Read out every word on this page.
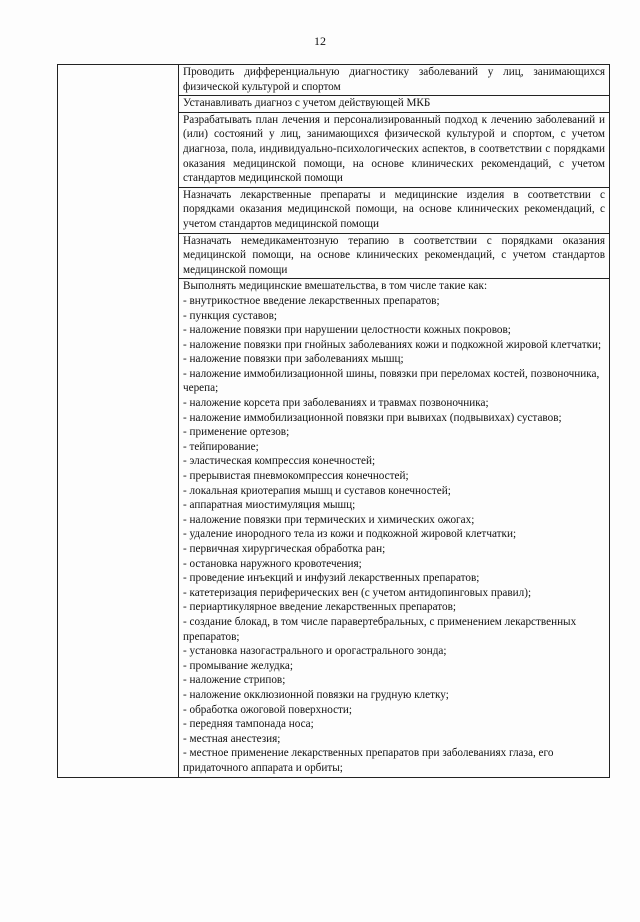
12
	Проводить дифференциальную диагностику заболеваний у лиц, занимающихся физической культурой и спортом
Устанавливать диагноз с учетом действующей МКБ
Разрабатывать план лечения и персонализированный подход к лечению заболеваний и (или) состояний у лиц, занимающихся физической культурой и спортом, с учетом диагноза, пола, индивидуально-психологических аспектов, в соответствии с порядками оказания медицинской помощи, на основе клинических рекомендаций, с учетом стандартов медицинской помощи
Назначать лекарственные препараты и медицинские изделия в соответствии с порядками оказания медицинской помощи, на основе клинических рекомендаций, с учетом стандартов медицинской помощи
Назначать немедикаментозную терапию в соответствии с порядками оказания медицинской помощи, на основе клинических рекомендаций, с учетом стандартов медицинской помощи

Выполнять медицинские вмешательства, в том числе такие как:
- внутрикостное введение лекарственных препаратов;
- пункция суставов;
- наложение повязки при нарушении целостности кожных покровов;
- наложение повязки при гнойных заболеваниях кожи и подкожной жировой клетчатки;
- наложение повязки при заболеваниях мышц;
- наложение иммобилизационной шины, повязки при переломах костей, позвоночника, черепа;
- наложение корсета при заболеваниях и травмах позвоночника;
- наложение иммобилизационной повязки при вывихах (подвывихах) суставов;
- применение ортезов;
- тейпирование;
- эластическая компрессия конечностей;
- прерывистая пневмокомпрессия конечностей;
- локальная криотерапия мышц и суставов конечностей;
- аппаратная миостимуляция мышц;
- наложение повязки при термических и химических ожогах;
- удаление инородного тела из кожи и подкожной жировой клетчатки;
- первичная хирургическая обработка ран;
- остановка наружного кровотечения;
- проведение инъекций и инфузий лекарственных препаратов;
- катетеризация периферических вен (с учетом антидопинговых правил);
- периартикулярное введение лекарственных препаратов;
- создание блокад, в том числе паравертебральных, с применением лекарственных препаратов;
- установка назогастрального и орогастрального зонда;
- промывание желудка;
- наложение стрипов;
- наложение окклюзионной повязки на грудную клетку;
- обработка ожоговой поверхности;
- передняя тампонада носа;
- местная анестезия;
- местное применение лекарственных препаратов при заболеваниях глаза, его придаточного аппарата и орбиты;
